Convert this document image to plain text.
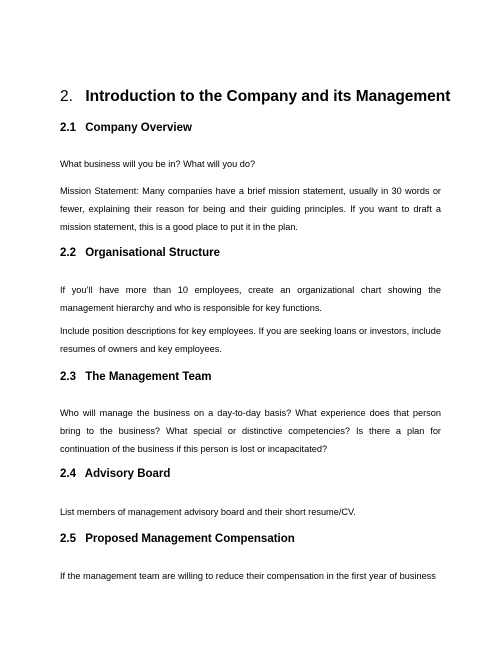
2. Introduction to the Company and its Management
2.1 Company Overview
What business will you be in? What will you do?
Mission Statement: Many companies have a brief mission statement, usually in 30 words or fewer, explaining their reason for being and their guiding principles. If you want to draft a mission statement, this is a good place to put it in the plan.
2.2 Organisational Structure
If you’ll have more than 10 employees, create an organizational chart showing the management hierarchy and who is responsible for key functions.
Include position descriptions for key employees. If you are seeking loans or investors, include resumes of owners and key employees.
2.3 The Management Team
Who will manage the business on a day-to-day basis? What experience does that person bring to the business? What special or distinctive competencies? Is there a plan for continuation of the business if this person is lost or incapacitated?
2.4 Advisory Board
List members of management advisory board and their short resume/CV.
2.5 Proposed Management Compensation
If the management team are willing to reduce their compensation in the first year of business
